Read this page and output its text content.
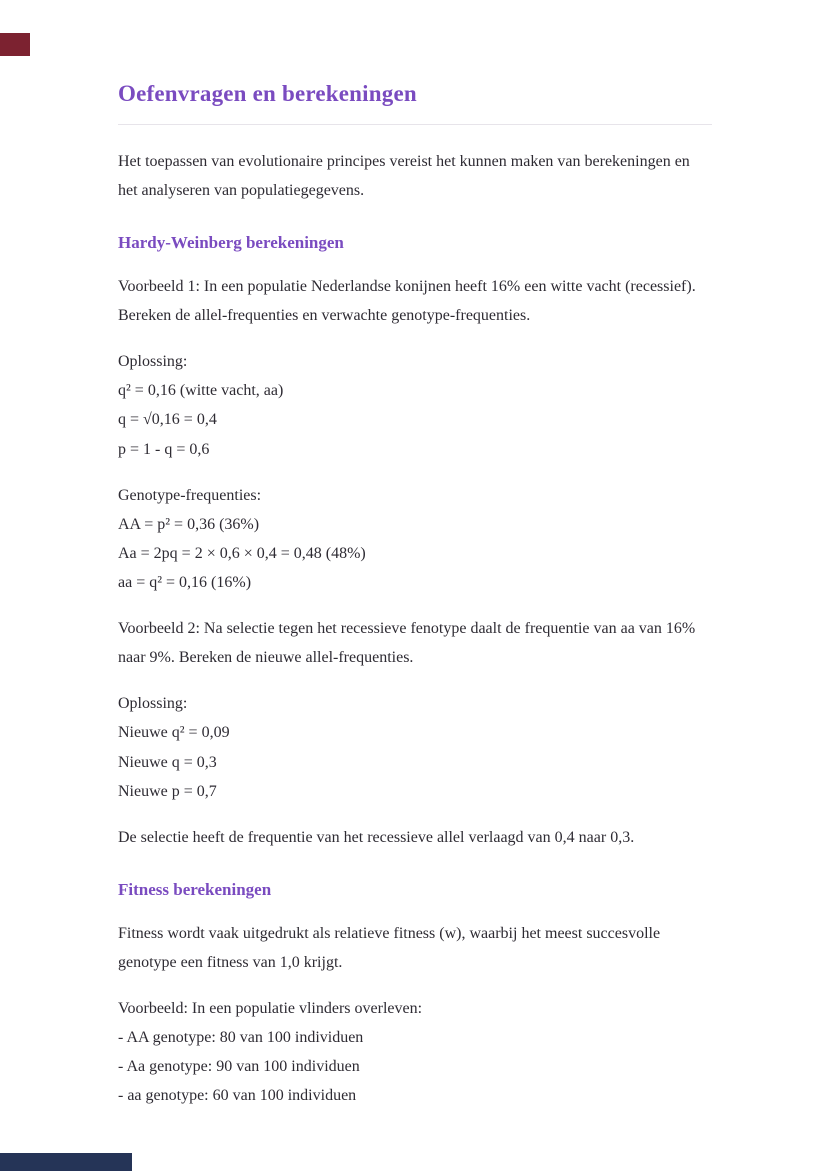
Oefenvragen en berekeningen

Het toepassen van evolutionaire principes vereist het kunnen maken van berekeningen en het analyseren van populatiegegevens.

Hardy-Weinberg berekeningen

Voorbeeld 1: In een populatie Nederlandse konijnen heeft 16% een witte vacht (recessief). Bereken de allel-frequenties en verwachte genotype-frequenties.

Oplossing:
q² = 0,16 (witte vacht, aa)
q = √0,16 = 0,4
p = 1 - q = 0,6
Genotype-frequenties:
AA = p² = 0,36 (36%)
Aa = 2pq = 2 × 0,6 × 0,4 = 0,48 (48%)
aa = q² = 0,16 (16%)

Voorbeeld 2: Na selectie tegen het recessieve fenotype daalt de frequentie van aa van 16% naar 9%. Bereken de nieuwe allel-frequenties.

Oplossing:
Nieuwe q² = 0,09
Nieuwe q = 0,3
Nieuwe p = 0,7

De selectie heeft de frequentie van het recessieve allel verlaagd van 0,4 naar 0,3.

Fitness berekeningen

Fitness wordt vaak uitgedrukt als relatieve fitness (w), waarbij het meest succesvolle genotype een fitness van 1,0 krijgt.

Voorbeeld: In een populatie vlinders overleven:
- AA genotype: 80 van 100 individuen
- Aa genotype: 90 van 100 individuen
- aa genotype: 60 van 100 individuen
